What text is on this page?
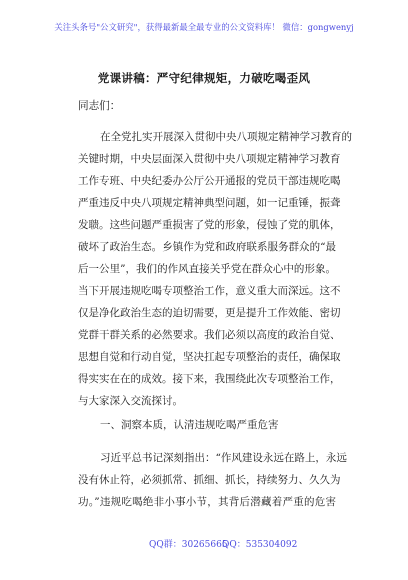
关注头条号"公文研究"，获得最新最全最专业的公文资料库！ 微信：gongwenyj
党课讲稿：严守纪律规矩，力破吃喝歪风
同志们：
在全党扎实开展深入贯彻中央八项规定精神学习教育的
关键时期，中央层面深入贯彻中央八项规定精神学习教育
工作专班、中央纪委办公厅公开通报的党员干部违规吃喝
严重违反中央八项规定精神典型问题，如一记重锤，振聋
发聩。这些问题严重损害了党的形象，侵蚀了党的肌体，
破坏了政治生态。乡镇作为党和政府联系服务群众的“最
后一公里”，我们的作风直接关乎党在群众心中的形象。
当下开展违规吃喝专项整治工作，意义重大而深远。这不
仅是净化政治生态的迫切需要，更是提升工作效能、密切
党群干群关系的必然要求。我们必须以高度的政治自觉、
思想自觉和行动自觉，坚决扛起专项整治的责任，确保取
得实实在在的成效。接下来，我围绕此次专项整治工作，
与大家深入交流探讨。
一、洞察本质，认清违规吃喝严重危害
习近平总书记深刻指出：“作风建设永远在路上，永远
没有休止符，必须抓常、抓细、抓长，持续努力、久久为
功。”违规吃喝绝非小事小节，其背后潜藏着严重的危害
QQ群：30265665
QQ：535304092
